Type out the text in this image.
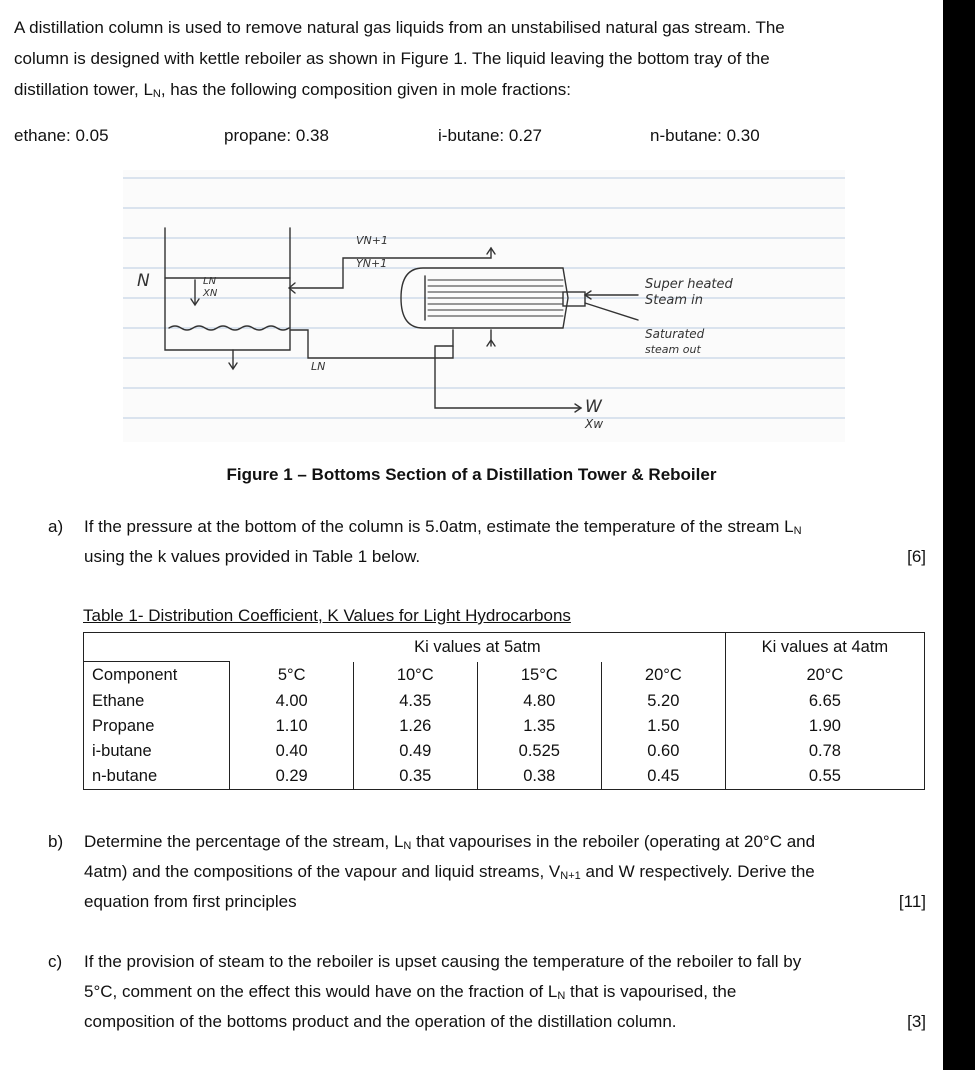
A distillation column is used to remove natural gas liquids from an unstabilised natural gas stream. The
column is designed with kettle reboiler as shown in Figure 1. The liquid leaving the bottom tray of the
distillation tower, $L_N$, has the following composition given in mole fractions:
ethane: 0.05	propane: 0.38	i-butane: 0.27	n-butane: 0.30
N	LN
XN
VN+1
YN+1
LN
Super heated
Steam in
Saturated
steam out
W
Xw
Figure 1 – Bottoms Section of a Distillation Tower & Reboiler
a) If the pressure at the bottom of the column is 5.0atm, estimate the temperature of the stream $L_N$
using the k values provided in Table 1 below.	[6]
Table 1- Distribution Coefficient, K Values for Light Hydrocarbons
	Ki values at 5atm				Ki values at 4atm
Component	5°C	10°C	15°C	20°C	20°C
Ethane	4.00	4.35	4.80	5.20	6.65
Propane	1.10	1.26	1.35	1.50	1.90
i-butane	0.40	0.49	0.525	0.60	0.78
n-butane	0.29	0.35	0.38	0.45	0.55
b) Determine the percentage of the stream, $L_N$ that vapourises in the reboiler (operating at 20°C and
4atm) and the compositions of the vapour and liquid streams, $V_{N+1}$ and W respectively. Derive the
equation from first principles	[11]
c) If the provision of steam to the reboiler is upset causing the temperature of the reboiler to fall by
5°C, comment on the effect this would have on the fraction of $L_N$ that is vapourised, the
composition of the bottoms product and the operation of the distillation column.	[3]
